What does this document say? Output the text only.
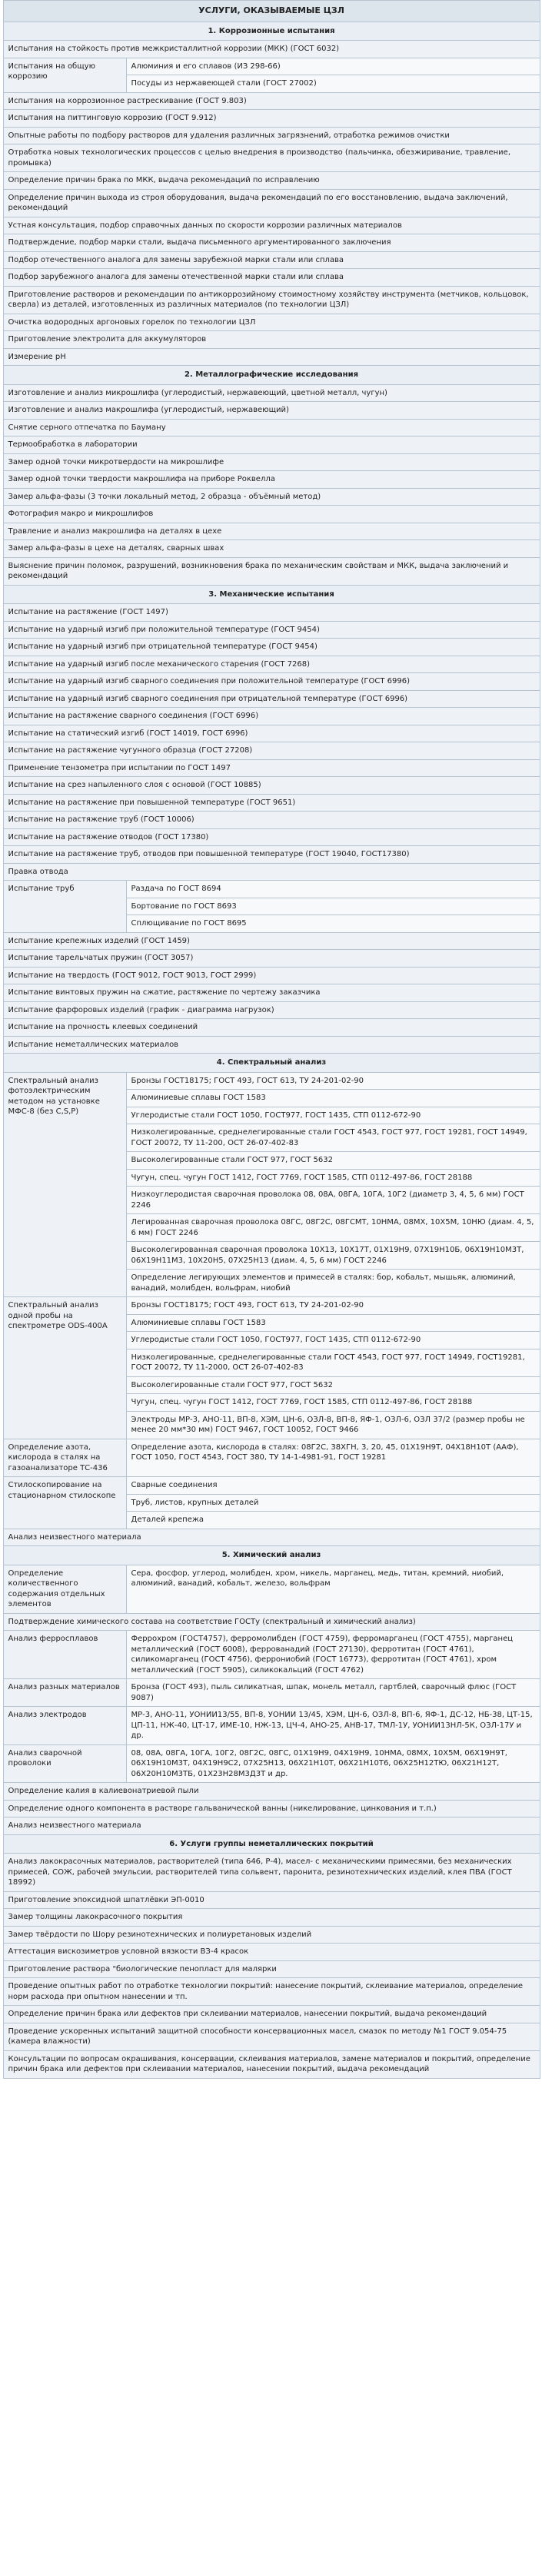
УСЛУГИ, ОКАЗЫВАЕМЫЕ ЦЗЛ	
1. Коррозионные испытания	
Испытания на стойкость против межкристаллитной коррозии (МКК) (ГОСТ 6032)	
Испытания на общую коррозию	Алюминия и его сплавов (ИЗ 298-66)
	Посуды из нержавеющей стали (ГОСТ 27002)
Испытания на коррозионное растрескивание (ГОСТ 9.803)	
Испытания на питтинговую коррозию (ГОСТ 9.912)	
Опытные работы по подбору растворов для удаления различных загрязнений, отработка режимов очистки	
Отработка новых технологических процессов с целью внедрения в производство (пальчинка, обезжиривание, травление, промывка)	
Определение причин брака по МКК, выдача рекомендаций по исправлению	
Определение причин выхода из строя оборудования, выдача рекомендаций по его восстановлению, выдача заключений, рекомендаций	
Устная консультация, подбор справочных данных по скорости коррозии различных материалов	
Подтверждение, подбор марки стали, выдача письменного аргументированного заключения	
Подбор отечественного аналога для замены зарубежной марки стали или сплава	
Подбор зарубежного аналога для замены отечественной марки стали или сплава	
Приготовление растворов и рекомендации по антикоррозийному стоимостному хозяйству инструмента (метчиков, кольцовок, сверла) из деталей, изготовленных из различных материалов (по технологии ЦЗЛ)	
Очистка водородных аргоновых горелок по технологии ЦЗЛ	
Приготовление электролита для аккумуляторов	
Измерение pH	
2. Металлографические исследования	
Изготовление и анализ микрошлифа (углеродистый, нержавеющий, цветной металл, чугун)	
Изготовление и анализ макрошлифа (углеродистый, нержавеющий)	
Снятие серного отпечатка по Бауману	
Термообработка в лаборатории	
Замер одной точки микротвердости на микрошлифе	
Замер одной точки твердости макрошлифа на приборе Роквелла	
Замер альфа-фазы (3 точки локальный метод, 2 образца - объёмный метод)	
Фотография макро и микрошлифов	
Травление и анализ макрошлифа на деталях в цехе	
Замер альфа-фазы в цехе на деталях, сварных швах	
Выяснение причин поломок, разрушений, возникновения брака по механическим свойствам и МКК, выдача заключений и рекомендаций	
3. Механические испытания	
Испытание на растяжение (ГОСТ 1497)	
Испытание на ударный изгиб при положительной температуре (ГОСТ 9454)	
Испытание на ударный изгиб при отрицательной температуре (ГОСТ 9454)	
Испытание на ударный изгиб после механического старения (ГОСТ 7268)	
Испытание на ударный изгиб сварного соединения при положительной температуре (ГОСТ 6996)	
Испытание на ударный изгиб сварного соединения при отрицательной температуре (ГОСТ 6996)	
Испытание на растяжение сварного соединения (ГОСТ 6996)	
Испытание на статический изгиб (ГОСТ 14019, ГОСТ 6996)	
Испытание на растяжение чугунного образца (ГОСТ 27208)	
Применение тензометра при испытании по ГОСТ 1497	
Испытание на срез напыленного слоя с основой (ГОСТ 10885)	
Испытание на растяжение при повышенной температуре (ГОСТ 9651)	
Испытание на растяжение труб (ГОСТ 10006)	
Испытание на растяжение отводов (ГОСТ 17380)	
Испытание на растяжение труб, отводов при повышенной температуре (ГОСТ 19040, ГОСТ17380)	
Правка отвода	
Испытание труб	Раздача по ГОСТ 8694
	Бортование по ГОСТ 8693
	Сплющивание по ГОСТ 8695
Испытание крепежных изделий (ГОСТ 1459)	
Испытание тарельчатых пружин (ГОСТ 3057)	
Испытание на твердость (ГОСТ 9012, ГОСТ 9013, ГОСТ 2999)	
Испытание винтовых пружин на сжатие, растяжение по чертежу заказчика	
Испытание фарфоровых изделий (график - диаграмма нагрузок)	
Испытание на прочность клеевых соединений	
Испытание неметаллических материалов	
4. Спектральный анализ	
Спектральный анализ фотоэлектрическим методом на установке МФС-8 (без С,S,P)	Бронзы ГОСТ18175; ГОСТ 493, ГОСТ 613, ТУ 24-201-02-90
	Алюминиевые сплавы ГОСТ 1583
	Углеродистые стали ГОСТ 1050, ГОСТ977, ГОСТ 1435, СТП 0112-672-90
	Низколегированные, среднелегированные стали ГОСТ 4543, ГОСТ 977, ГОСТ 19281, ГОСТ 14949, ГОСТ 20072, ТУ 11-200, ОСТ 26-07-402-83
	Высоколегированные стали ГОСТ 977, ГОСТ 5632
	Чугун, спец. чугун ГОСТ 1412, ГОСТ 7769, ГОСТ 1585, СТП 0112-497-86, ГОСТ 28188
	Низкоуглеродистая сварочная проволока 08, 08А, 08ГА, 10ГА, 10Г2 (диаметр 3, 4, 5, 6 мм) ГОСТ 2246
	Легированная сварочная проволока 08ГС, 08Г2С, 08ГСМТ, 10НМА, 08МХ, 10Х5М, 10НЮ (диам. 4, 5, 6 мм) ГОСТ 2246
	Высоколегированная сварочная проволока 10Х13, 10Х17Т, 01Х19Н9, 07Х19Н10Б, 06Х19Н10М3Т, 06Х19Н11М3, 10Х20Н5, 07Х25Н13 (диам. 4, 5, 6 мм) ГОСТ 2246
	Определение легирующих элементов и примесей в сталях: бор, кобальт, мышьяк, алюминий, ванадий, молибден, вольфрам, ниобий
Спектральный анализ одной пробы на спектрометре ODS-400А	Бронзы ГОСТ18175; ГОСТ 493, ГОСТ 613, ТУ 24-201-02-90
	Алюминиевые сплавы ГОСТ 1583
	Углеродистые стали ГОСТ 1050, ГОСТ977, ГОСТ 1435, СТП 0112-672-90
	Низколегированные, среднелегированные стали ГОСТ 4543, ГОСТ 977, ГОСТ 14949, ГОСТ19281, ГОСТ 20072, ТУ 11-2000, ОСТ 26-07-402-83
	Высоколегированные стали ГОСТ 977, ГОСТ 5632
	Чугун, спец. чугун ГОСТ 1412, ГОСТ 7769, ГОСТ 1585, СТП 0112-497-86, ГОСТ 28188
	Электроды МР-3, АНО-11, ВП-8, ХЭМ, ЦН-6, ОЗЛ-8, ВП-8, ЯФ-1, ОЗЛ-6, ОЗЛ 37/2 (размер пробы не менее 20 мм*30 мм) ГОСТ 9467, ГОСТ 10052, ГОСТ 9466
Определение азота, кислорода в сталях на газоанализаторе ТС-436	Определение азота, кислорода в сталях: 08Г2С, 38ХГН, 3, 20, 45, 01Х19Н9Т, 04Х18Н10Т (ААФ), ГОСТ 1050, ГОСТ 4543, ГОСТ 380, ТУ 14-1-4981-91, ГОСТ 19281
Стилоскопирование на стационарном стилоскопе	Сварные соединения
	Труб, листов, крупных деталей
	Деталей крепежа
Анализ неизвестного материала	
5. Химический анализ	
Определение количественного содержания отдельных элементов	Сера, фосфор, углерод, молибден, хром, никель, марганец, медь, титан, кремний, ниобий, алюминий, ванадий, кобальт, железо, вольфрам
Подтверждение химического состава на соответствие ГОСТу (спектральный и химический анализ)	
Анализ ферросплавов	Феррохром (ГОСТ4757), ферромолибден (ГОСТ 4759), ферромарганец (ГОСТ 4755), марганец металлический (ГОСТ 6008), феррованадий (ГОСТ 27130), ферротитан (ГОСТ 4761), силикомарганец (ГОСТ 4756), феррониобий (ГОСТ 16773), ферротитан (ГОСТ 4761), хром металлический (ГОСТ 5905), силикокальций (ГОСТ 4762)
Анализ разных материалов	Бронза (ГОСТ 493), пыль силикатная, шпак, монель металл, гартблей, сварочный флюс (ГОСТ 9087)
Анализ электродов	МР-3, АНО-11, УОНИИ13/55, ВП-8, УОНИИ 13/45, ХЭМ, ЦН-6, ОЗЛ-8, ВП-6, ЯФ-1, ДС-12, НБ-38, ЦТ-15, ЦП-11, НЖ-40, ЦТ-17, ИМЕ-10, НЖ-13, ЦЧ-4, АНО-25, АНВ-17, ТМЛ-1У, УОНИИ13НЛ-5К, ОЗЛ-17У и др.
Анализ сварочной проволоки	08, 08А, 08ГА, 10ГА, 10Г2, 08Г2С, 08ГС, 01Х19Н9, 04Х19Н9, 10НМА, 08МХ, 10Х5М, 06Х19Н9Т, 06Х19Н10М3Т, 04Х19Н9С2, 07Х25Н13, 06Х21Н10Т, 06Х21Н10Т6, 06Х25Н12ТЮ, 06Х21Н12Т, 06Х20Н10М3ТБ, 01Х23Н28М3Д3Т и др.
Определение калия в калиевонатриевой пыли	
Определение одного компонента в растворе гальванической ванны (никелирование, цинкования и т.п.)	
Анализ неизвестного материала	
6. Услуги группы неметаллических покрытий	
Анализ лакокрасочных материалов, растворителей (типа 646, Р-4), масел- с механическими примесями, без механических примесей, СОЖ, рабочей эмульсии, растворителей типа сольвент, паронита, резинотехнических изделий, клея ПВА (ГОСТ 18992)	
Приготовление эпоксидной шпатлёвки ЭП-0010	
Замер толщины лакокрасочного покрытия	
Замер твёрдости по Шору резинотехнических и полиуретановых изделий	
Аттестация вискозиметров условной вязкости ВЗ-4 красок	
Приготовление раствора "биологические пенопласт для малярки	
Проведение опытных работ по отработке технологии покрытий: нанесение покрытий, склеивание материалов, определение норм расхода при опытном нанесении и тп.	
Определение причин брака или дефектов при склеивании материалов, нанесении покрытий, выдача рекомендаций	
Проведение ускоренных испытаний защитной способности консервационных масел, смазок по методу №1 ГОСТ 9.054-75 (камера влажности)	
Консультации по вопросам окрашивания, консервации, склеивания материалов, замене материалов и покрытий, определение причин брака или дефектов при склеивании материалов, нанесении покрытий, выдача рекомендаций	
